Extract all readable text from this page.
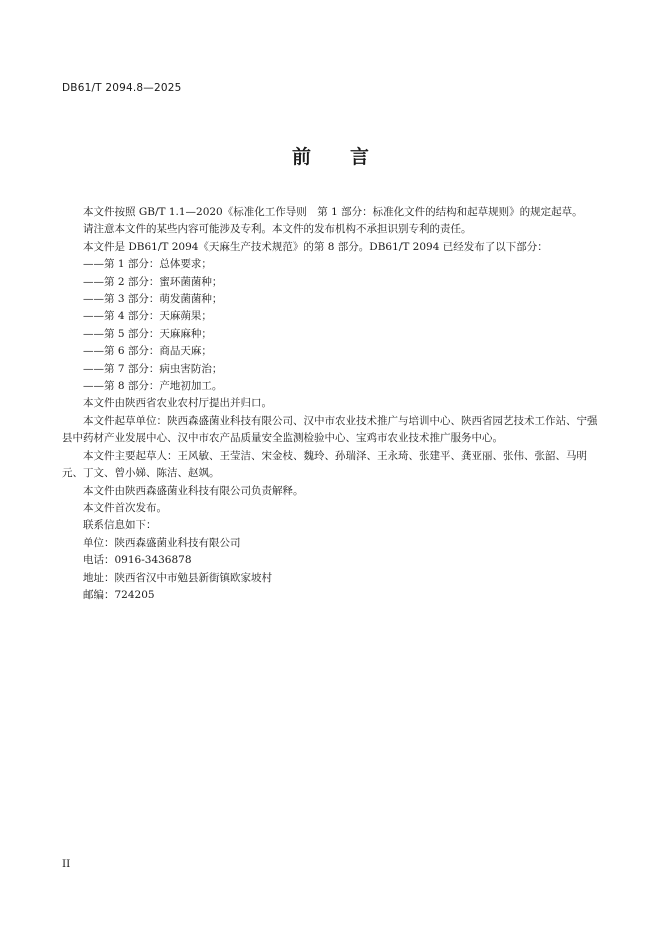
DB61/T 2094.8—2025
前 言

本文件按照 GB/T 1.1—2020《标准化工作导则　第 1 部分：标准化文件的结构和起草规则》的规定起草。

请注意本文件的某些内容可能涉及专利。本文件的发布机构不承担识别专利的责任。

本文件是 DB61/T 2094《天麻生产技术规范》的第 8 部分。DB61/T 2094 已经发布了以下部分：

——第 1 部分：总体要求；

——第 2 部分：蜜环菌菌种；

——第 3 部分：萌发菌菌种；

——第 4 部分：天麻蒴果；

——第 5 部分：天麻麻种；

——第 6 部分：商品天麻；

——第 7 部分：病虫害防治；

——第 8 部分：产地初加工。

本文件由陕西省农业农村厅提出并归口。

本文件起草单位：陕西森盛菌业科技有限公司、汉中市农业技术推广与培训中心、陕西省园艺技术工作站、宁强县中药材产业发展中心、汉中市农产品质量安全监测检验中心、宝鸡市农业技术推广服务中心。

本文件主要起草人：王风敏、王莹洁、宋金枝、魏玲、孙瑞泽、王永琦、张建平、龚亚丽、张伟、张韶、马明元、丁文、曾小娣、陈洁、赵飒。

本文件由陕西森盛菌业科技有限公司负责解释。

本文件首次发布。

联系信息如下：

单位：陕西森盛菌业科技有限公司

电话：0916-3436878

地址：陕西省汉中市勉县新街镇欧家坡村

邮编：724205

II
